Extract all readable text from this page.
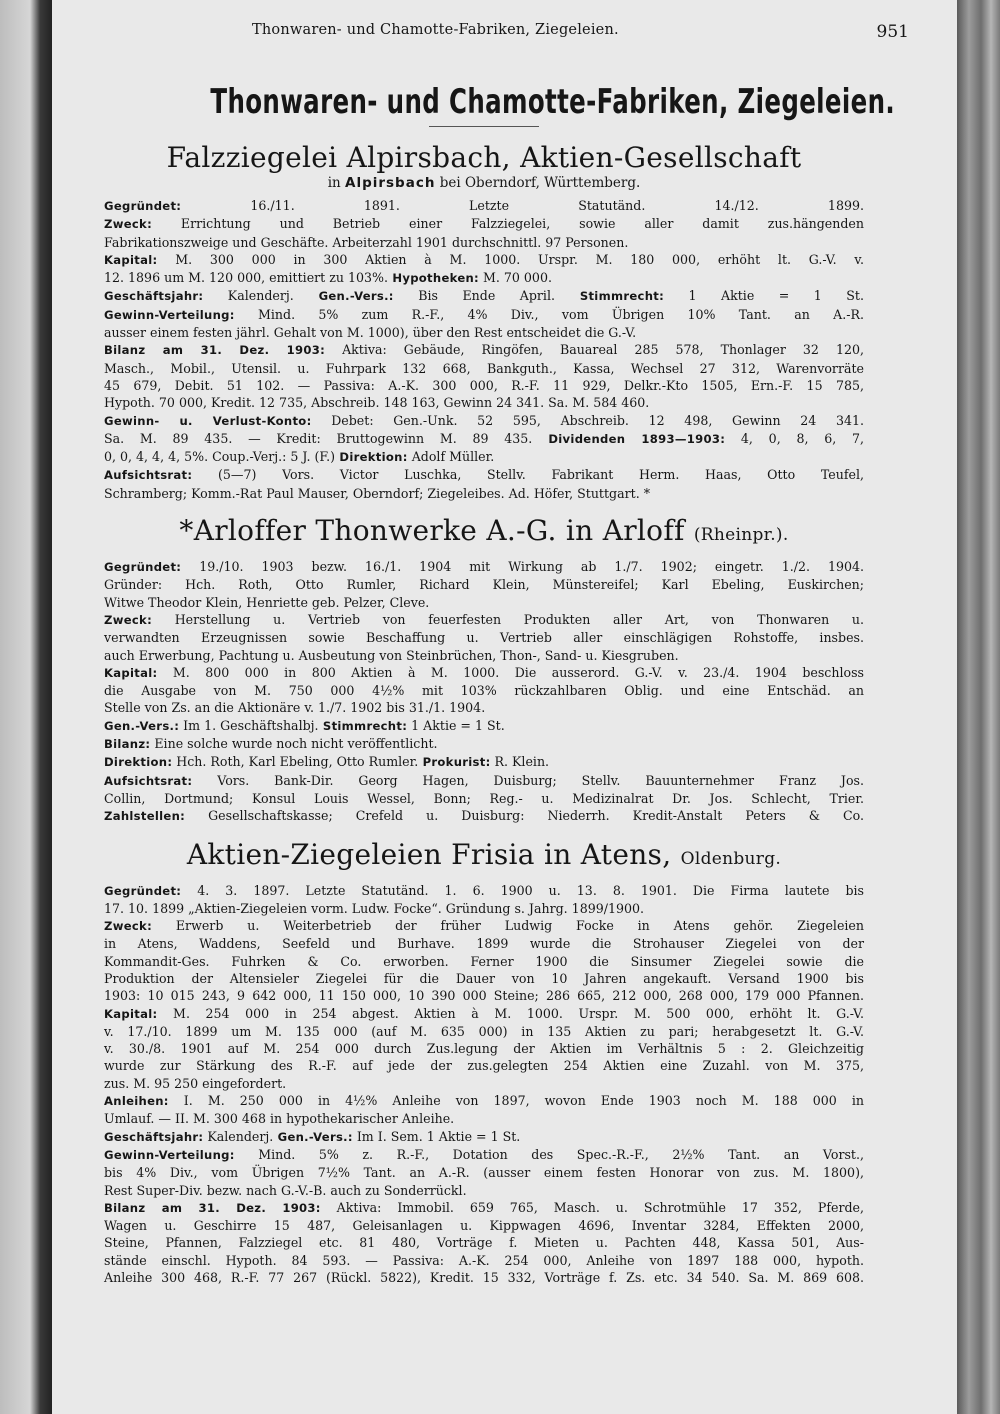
Thonwaren- und Chamotte-Fabriken, Ziegeleien.	951
Thonwaren- und Chamotte-Fabriken, Ziegeleien.
Falzziegelei Alpirsbach, Aktien-Gesellschaft
in Alpirsbach bei Oberndorf, Württemberg.
Gegründet: 16./11. 1891. Letzte Statutänd. 14./12. 1899.
Zweck: Errichtung und Betrieb einer Falzziegelei, sowie aller damit zus.hängenden
Fabrikationszweige und Geschäfte. Arbeiterzahl 1901 durchschnittl. 97 Personen.
Kapital: M. 300 000 in 300 Aktien à M. 1000. Urspr. M. 180 000, erhöht lt. G.-V. v.
12. 1896 um M. 120 000, emittiert zu 103%. Hypotheken: M. 70 000.
Geschäftsjahr: Kalenderj. Gen.-Vers.: Bis Ende April. Stimmrecht: 1 Aktie = 1 St.
Gewinn-Verteilung: Mind. 5% zum R.-F., 4% Div., vom Übrigen 10% Tant. an A.-R.
ausser einem festen jährl. Gehalt von M. 1000), über den Rest entscheidet die G.-V.
Bilanz am 31. Dez. 1903: Aktiva: Gebäude, Ringöfen, Bauareal 285 578, Thonlager 32 120,
Masch., Mobil., Utensil. u. Fuhrpark 132 668, Bankguth., Kassa, Wechsel 27 312, Warenvorräte
45 679, Debit. 51 102. — Passiva: A.-K. 300 000, R.-F. 11 929, Delkr.-Kto 1505, Ern.-F. 15 785,
Hypoth. 70 000, Kredit. 12 735, Abschreib. 148 163, Gewinn 24 341. Sa. M. 584 460.
Gewinn- u. Verlust-Konto: Debet: Gen.-Unk. 52 595, Abschreib. 12 498, Gewinn 24 341.
Sa. M. 89 435. — Kredit: Bruttogewinn M. 89 435. Dividenden 1893—1903: 4, 0, 8, 6, 7,
0, 0, 4, 4, 4, 5%. Coup.-Verj.: 5 J. (F.) Direktion: Adolf Müller.
Aufsichtsrat: (5—7) Vors. Victor Luschka, Stellv. Fabrikant Herm. Haas, Otto Teufel,
Schramberg; Komm.-Rat Paul Mauser, Oberndorf; Ziegeleibes. Ad. Höfer, Stuttgart. *
*Arloffer Thonwerke A.-G. in Arloff (Rheinpr.).
Gegründet: 19./10. 1903 bezw. 16./1. 1904 mit Wirkung ab 1./7. 1902; eingetr. 1./2. 1904.
Gründer: Hch. Roth, Otto Rumler, Richard Klein, Münstereifel; Karl Ebeling, Euskirchen;
Witwe Theodor Klein, Henriette geb. Pelzer, Cleve.
Zweck: Herstellung u. Vertrieb von feuerfesten Produkten aller Art, von Thonwaren u.
verwandten Erzeugnissen sowie Beschaffung u. Vertrieb aller einschlägigen Rohstoffe, insbes.
auch Erwerbung, Pachtung u. Ausbeutung von Steinbrüchen, Thon-, Sand- u. Kiesgruben.
Kapital: M. 800 000 in 800 Aktien à M. 1000. Die ausserord. G.-V. v. 23./4. 1904 beschloss
die Ausgabe von M. 750 000 4½% mit 103% rückzahlbaren Oblig. und eine Entschäd. an
Stelle von Zs. an die Aktionäre v. 1./7. 1902 bis 31./1. 1904.
Gen.-Vers.: Im 1. Geschäftshalbj. Stimmrecht: 1 Aktie = 1 St.
Bilanz: Eine solche wurde noch nicht veröffentlicht.
Direktion: Hch. Roth, Karl Ebeling, Otto Rumler. Prokurist: R. Klein.
Aufsichtsrat: Vors. Bank-Dir. Georg Hagen, Duisburg; Stellv. Bauunternehmer Franz Jos.
Collin, Dortmund; Konsul Louis Wessel, Bonn; Reg.- u. Medizinalrat Dr. Jos. Schlecht, Trier.
Zahlstellen: Gesellschaftskasse; Crefeld u. Duisburg: Niederrh. Kredit-Anstalt Peters & Co.
Aktien-Ziegeleien Frisia in Atens, Oldenburg.
Gegründet: 4. 3. 1897. Letzte Statutänd. 1. 6. 1900 u. 13. 8. 1901. Die Firma lautete bis
17. 10. 1899 „Aktien-Ziegeleien vorm. Ludw. Focke“. Gründung s. Jahrg. 1899/1900.
Zweck: Erwerb u. Weiterbetrieb der früher Ludwig Focke in Atens gehör. Ziegeleien
in Atens, Waddens, Seefeld und Burhave. 1899 wurde die Strohauser Ziegelei von der
Kommandit-Ges. Fuhrken & Co. erworben. Ferner 1900 die Sinsumer Ziegelei sowie die
Produktion der Altensieler Ziegelei für die Dauer von 10 Jahren angekauft. Versand 1900 bis
1903: 10 015 243, 9 642 000, 11 150 000, 10 390 000 Steine; 286 665, 212 000, 268 000, 179 000 Pfannen.
Kapital: M. 254 000 in 254 abgest. Aktien à M. 1000. Urspr. M. 500 000, erhöht lt. G.-V.
v. 17./10. 1899 um M. 135 000 (auf M. 635 000) in 135 Aktien zu pari; herabgesetzt lt. G.-V.
v. 30./8. 1901 auf M. 254 000 durch Zus.legung der Aktien im Verhältnis 5 : 2. Gleichzeitig
wurde zur Stärkung des R.-F. auf jede der zus.gelegten 254 Aktien eine Zuzahl. von M. 375,
zus. M. 95 250 eingefordert.
Anleihen: I. M. 250 000 in 4½% Anleihe von 1897, wovon Ende 1903 noch M. 188 000 in
Umlauf. — II. M. 300 468 in hypothekarischer Anleihe.
Geschäftsjahr: Kalenderj. Gen.-Vers.: Im I. Sem. 1 Aktie = 1 St.
Gewinn-Verteilung: Mind. 5% z. R.-F., Dotation des Spec.-R.-F., 2½% Tant. an Vorst.,
bis 4% Div., vom Übrigen 7½% Tant. an A.-R. (ausser einem festen Honorar von zus. M. 1800),
Rest Super-Div. bezw. nach G.-V.-B. auch zu Sonderrückl.
Bilanz am 31. Dez. 1903: Aktiva: Immobil. 659 765, Masch. u. Schrotmühle 17 352, Pferde,
Wagen u. Geschirre 15 487, Geleisanlagen u. Kippwagen 4696, Inventar 3284, Effekten 2000,
Steine, Pfannen, Falzziegel etc. 81 480, Vorträge f. Mieten u. Pachten 448, Kassa 501, Aus-
stände einschl. Hypoth. 84 593. — Passiva: A.-K. 254 000, Anleihe von 1897 188 000, hypoth.
Anleihe 300 468, R.-F. 77 267 (Rückl. 5822), Kredit. 15 332, Vorträge f. Zs. etc. 34 540. Sa. M. 869 608.
